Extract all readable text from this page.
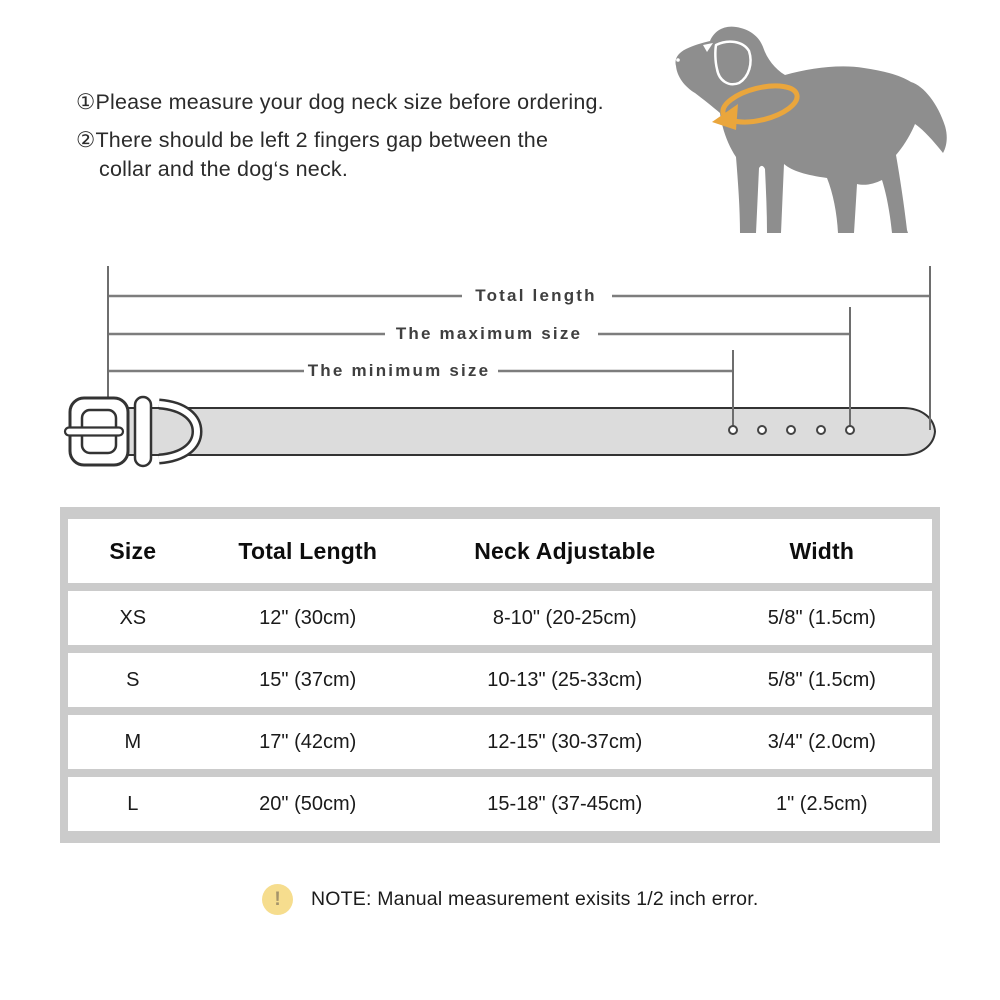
①Please measure your dog neck size before ordering.
②There should be left 2 fingers gap between the
collar and the dog‘s neck.
Total length
The maximum size
The minimum size
Size	Total Length	Neck Adjustable	Width
XS	12" (30cm)	8-10" (20-25cm)	5/8" (1.5cm)
S	15" (37cm)	10-13" (25-33cm)	5/8" (1.5cm)
M	17" (42cm)	12-15" (30-37cm)	3/4" (2.0cm)
L	20" (50cm)	15-18" (37-45cm)	1" (2.5cm)
!	NOTE: Manual measurement exisits 1/2 inch error.
